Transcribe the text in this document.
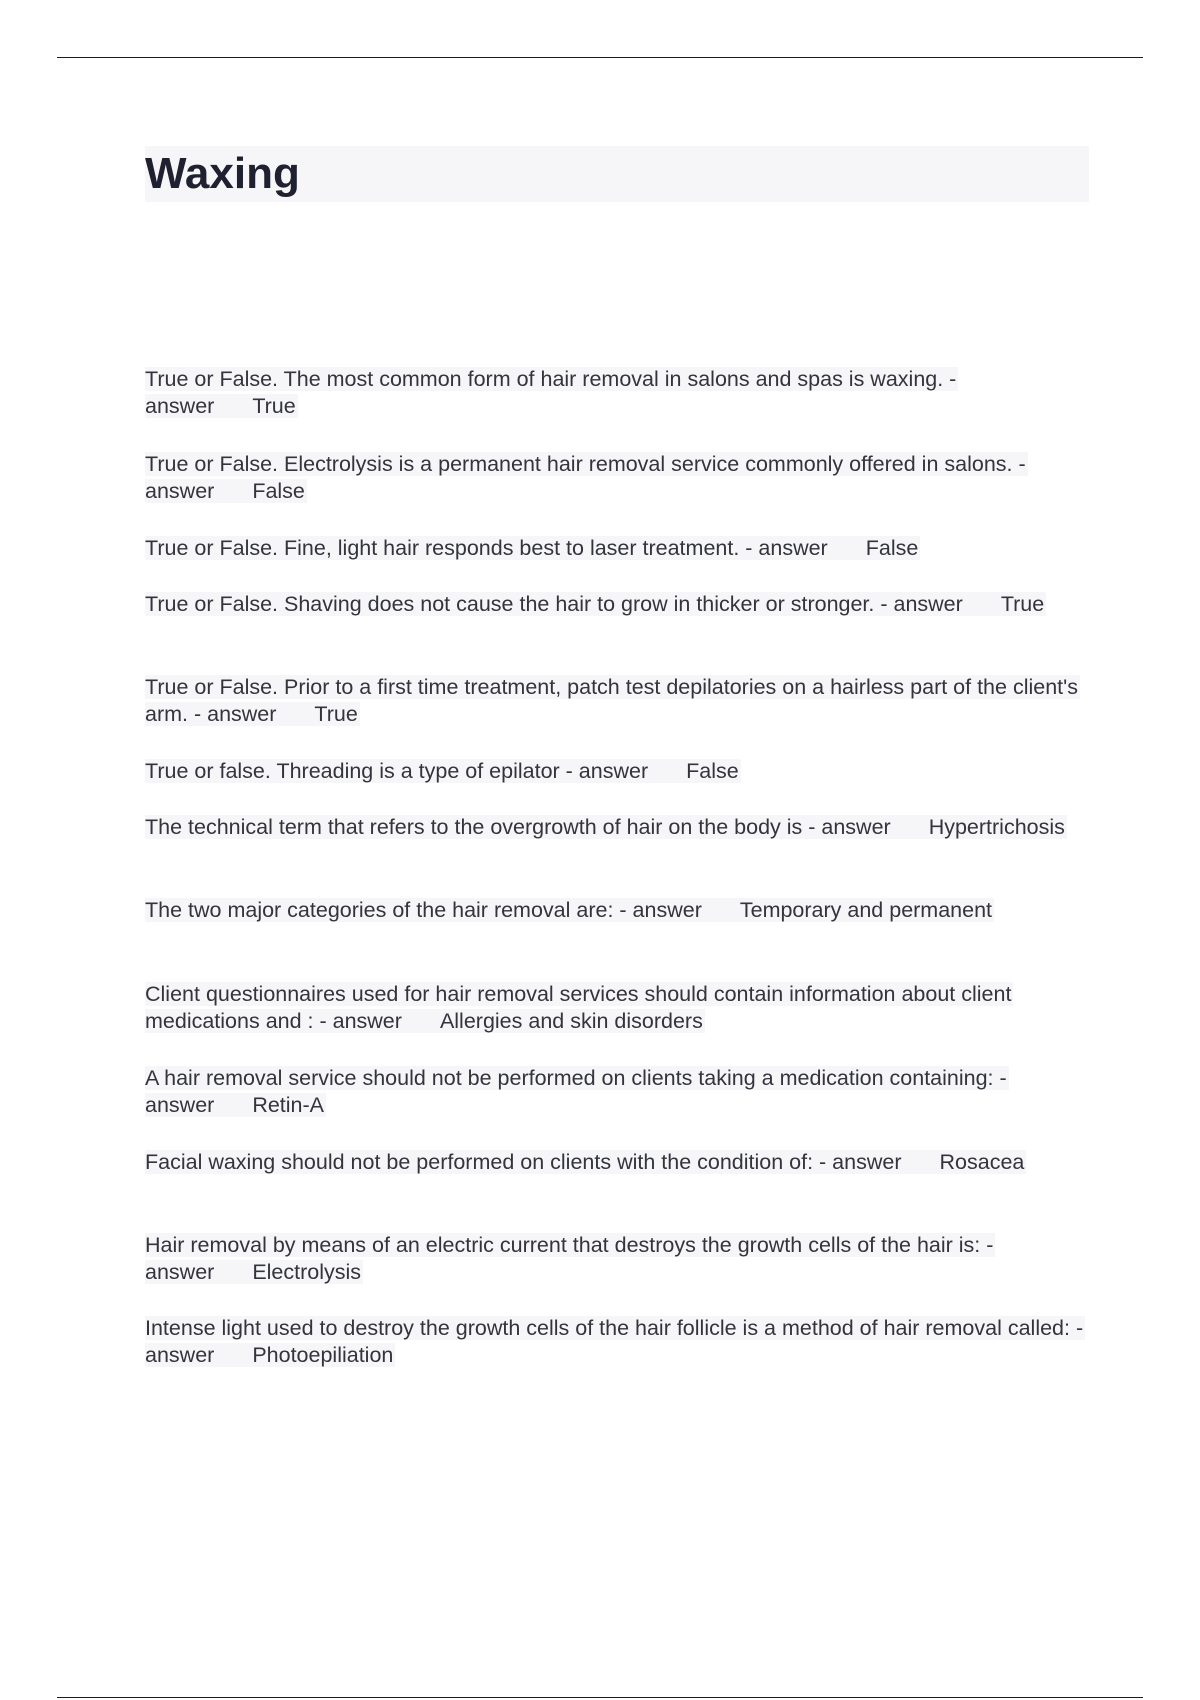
Waxing

True or False. The most common form of hair removal in salons and spas is waxing. - answer True

True or False. Electrolysis is a permanent hair removal service commonly offered in salons. - answer False

True or False. Fine, light hair responds best to laser treatment. - answer False

True or False. Shaving does not cause the hair to grow in thicker or stronger. - answer True

True or False. Prior to a first time treatment, patch test depilatories on a hairless part of the client's arm. - answer True

True or false. Threading is a type of epilator - answer False

The technical term that refers to the overgrowth of hair on the body is - answer Hypertrichosis

The two major categories of the hair removal are: - answer Temporary and permanent

Client questionnaires used for hair removal services should contain information about client medications and : - answer Allergies and skin disorders

A hair removal service should not be performed on clients taking a medication containing: - answer Retin-A

Facial waxing should not be performed on clients with the condition of: - answer Rosacea

Hair removal by means of an electric current that destroys the growth cells of the hair is: - answer Electrolysis

Intense light used to destroy the growth cells of the hair follicle is a method of hair removal called: - answer Photoepiliation
